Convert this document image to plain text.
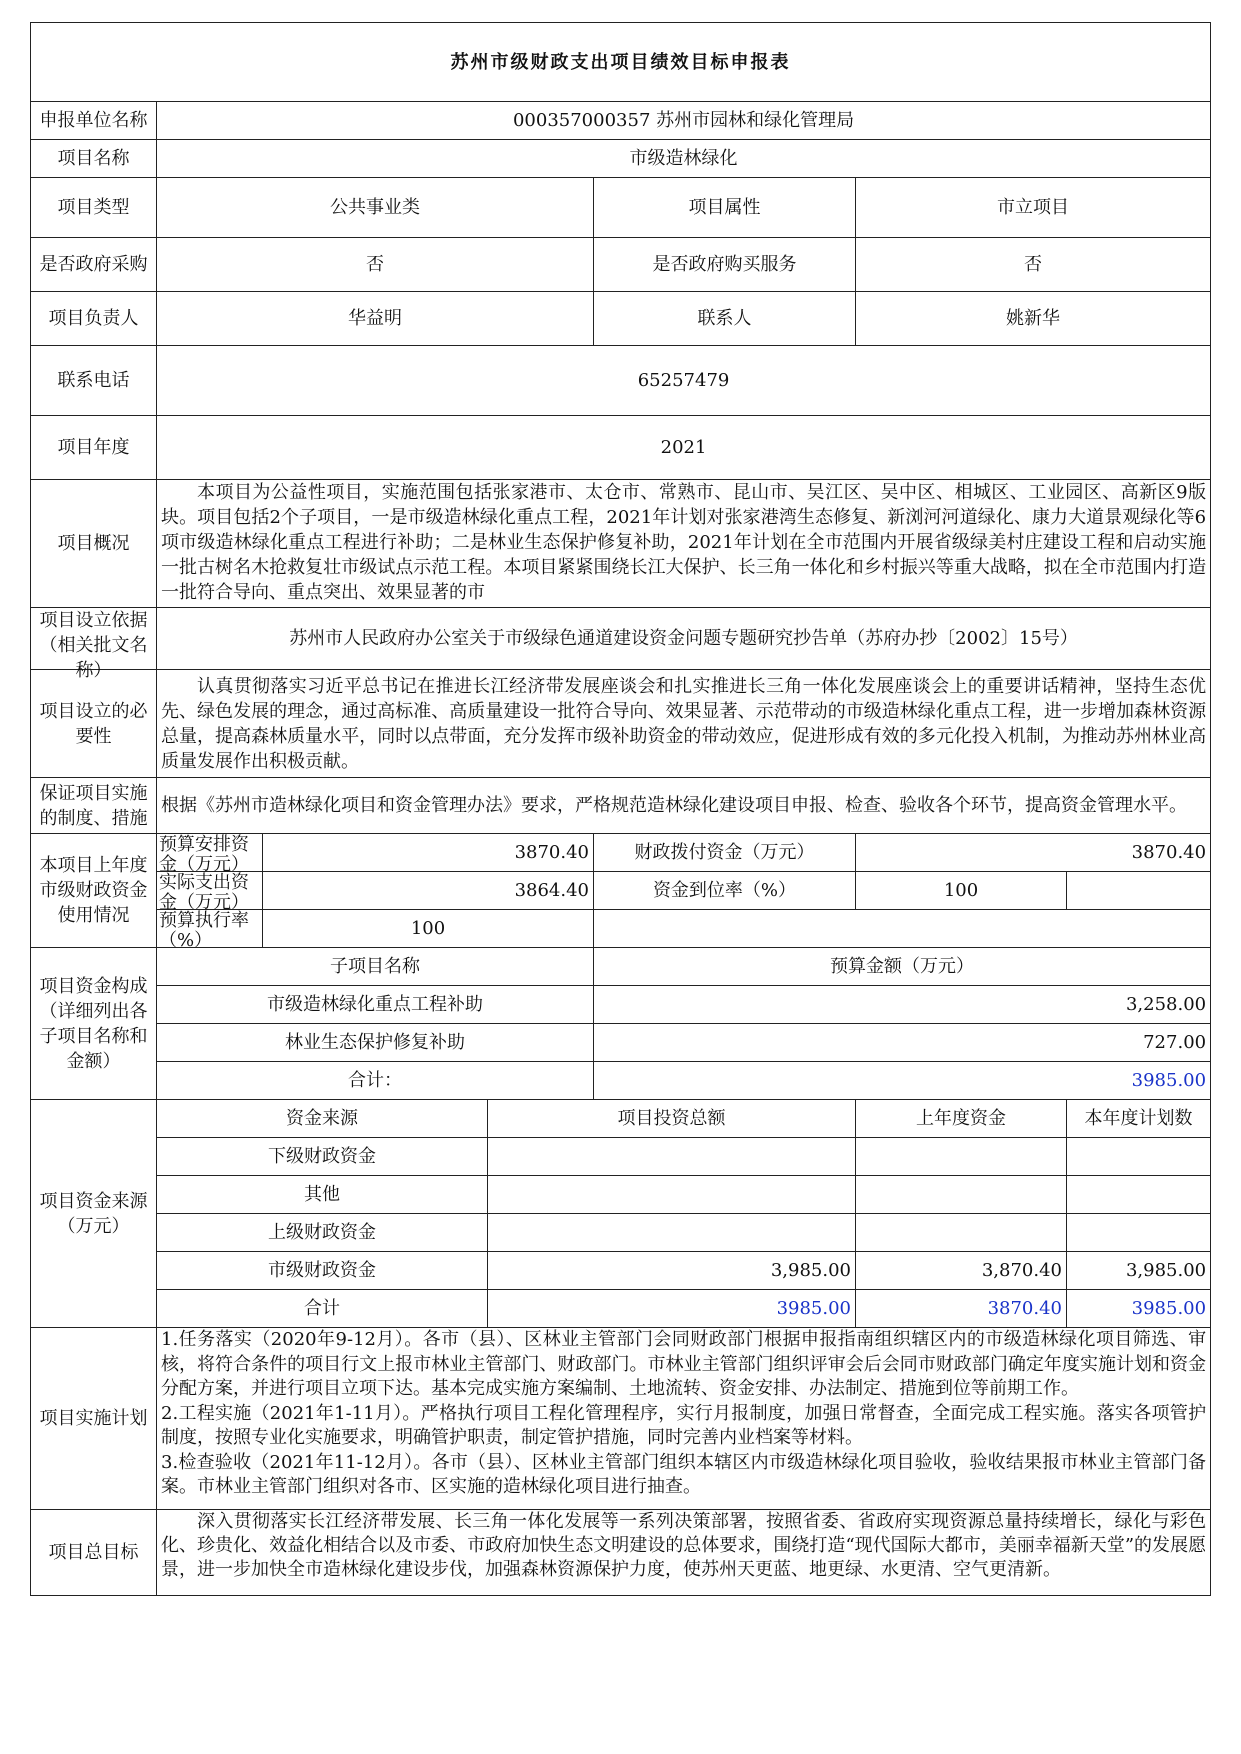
苏州市级财政支出项目绩效目标申报表						
申报单位名称	000357000357 苏州市园林和绿化管理局					
项目名称	市级造林绿化					
项目类型	公共事业类			项目属性	市立项目	
是否政府采购	否			是否政府购买服务	否	
项目负责人	华益明			联系人	姚新华	
联系电话	65257479					
项目年度	2021					
项目概况	本项目为公益性项目，实施范围包括张家港市、太仓市、常熟市、昆山市、吴江区、吴中区、相城区、工业园区、高新区9版块。项目包括2个子项目，一是市级造林绿化重点工程，2021年计划对张家港湾生态修复、新浏河河道绿化、康力大道景观绿化等6项市级造林绿化重点工程进行补助；二是林业生态保护修复补助，2021年计划在全市范围内开展省级绿美村庄建设工程和启动实施一批古树名木抢救复壮市级试点示范工程。本项目紧紧围绕长江大保护、长三角一体化和乡村振兴等重大战略，拟在全市范围内打造一批符合导向、重点突出、效果显著的市					

项目设立依据（相关批文名称）	苏州市人民政府办公室关于市级绿色通道建设资金问题专题研究抄告单（苏府办抄〔2002〕15号）					
项目设立的必要性	认真贯彻落实习近平总书记在推进长江经济带发展座谈会和扎实推进长三角一体化发展座谈会上的重要讲话精神，坚持生态优先、绿色发展的理念，通过高标准、高质量建设一批符合导向、效果显著、示范带动的市级造林绿化重点工程，进一步增加森林资源总量，提高森林质量水平，同时以点带面，充分发挥市级补助资金的带动效应，促进形成有效的多元化投入机制，为推动苏州林业高质量发展作出积极贡献。					
保证项目实施的制度、措施	根据《苏州市造林绿化项目和资金管理办法》要求，严格规范造林绿化建设项目申报、检查、验收各个环节，提高资金管理水平。					
本项目上年度市级财政资金使用情况	预算安排资金（万元）	3870.40		财政拨付资金（万元）	3870.40	

	实际支出资金（万元）	3864.40		资金到位率（%）	100	

	预算执行率（%）	100				
项目资金构成（详细列出各子项目名称和金额）	子项目名称			预算金额（万元）		
	市级造林绿化重点工程补助			3,258.00		
	林业生态保护修复补助			727.00		
	合计：			3985.00		
项目资金来源（万元）	资金来源		项目投资总额		上年度资金	本年度计划数
	下级财政资金					
	其他					
	上级财政资金					
	市级财政资金		3,985.00		3,870.40	3,985.00
	合计		3985.00		3870.40	3985.00
项目实施计划	1.任务落实（2020年9-12月）。各市（县）、区林业主管部门会同财政部门根据申报指南组织辖区内的市级造林绿化项目筛选、审核，将符合条件的项目行文上报市林业主管部门、财政部门。市林业主管部门组织评审会后会同市财政部门确定年度实施计划和资金分配方案，并进行项目立项下达。基本完成实施方案编制、土地流转、资金安排、办法制定、措施到位等前期工作。
2.工程实施（2021年1-11月）。严格执行项目工程化管理程序，实行月报制度，加强日常督查，全面完成工程实施。落实各项管护制度，按照专业化实施要求，明确管护职责，制定管护措施，同时完善内业档案等材料。
3.检查验收（2021年11-12月）。各市（县）、区林业主管部门组织本辖区内市级造林绿化项目验收，验收结果报市林业主管部门备案。市林业主管部门组织对各市、区实施的造林绿化项目进行抽查。					

项目总目标	深入贯彻落实长江经济带发展、长三角一体化发展等一系列决策部署，按照省委、省政府实现资源总量持续增长，绿化与彩色化、珍贵化、效益化相结合以及市委、市政府加快生态文明建设的总体要求，围绕打造“现代国际大都市，美丽幸福新天堂”的发展愿景，进一步加快全市造林绿化建设步伐，加强森林资源保护力度，使苏州天更蓝、地更绿、水更清、空气更清新。					
